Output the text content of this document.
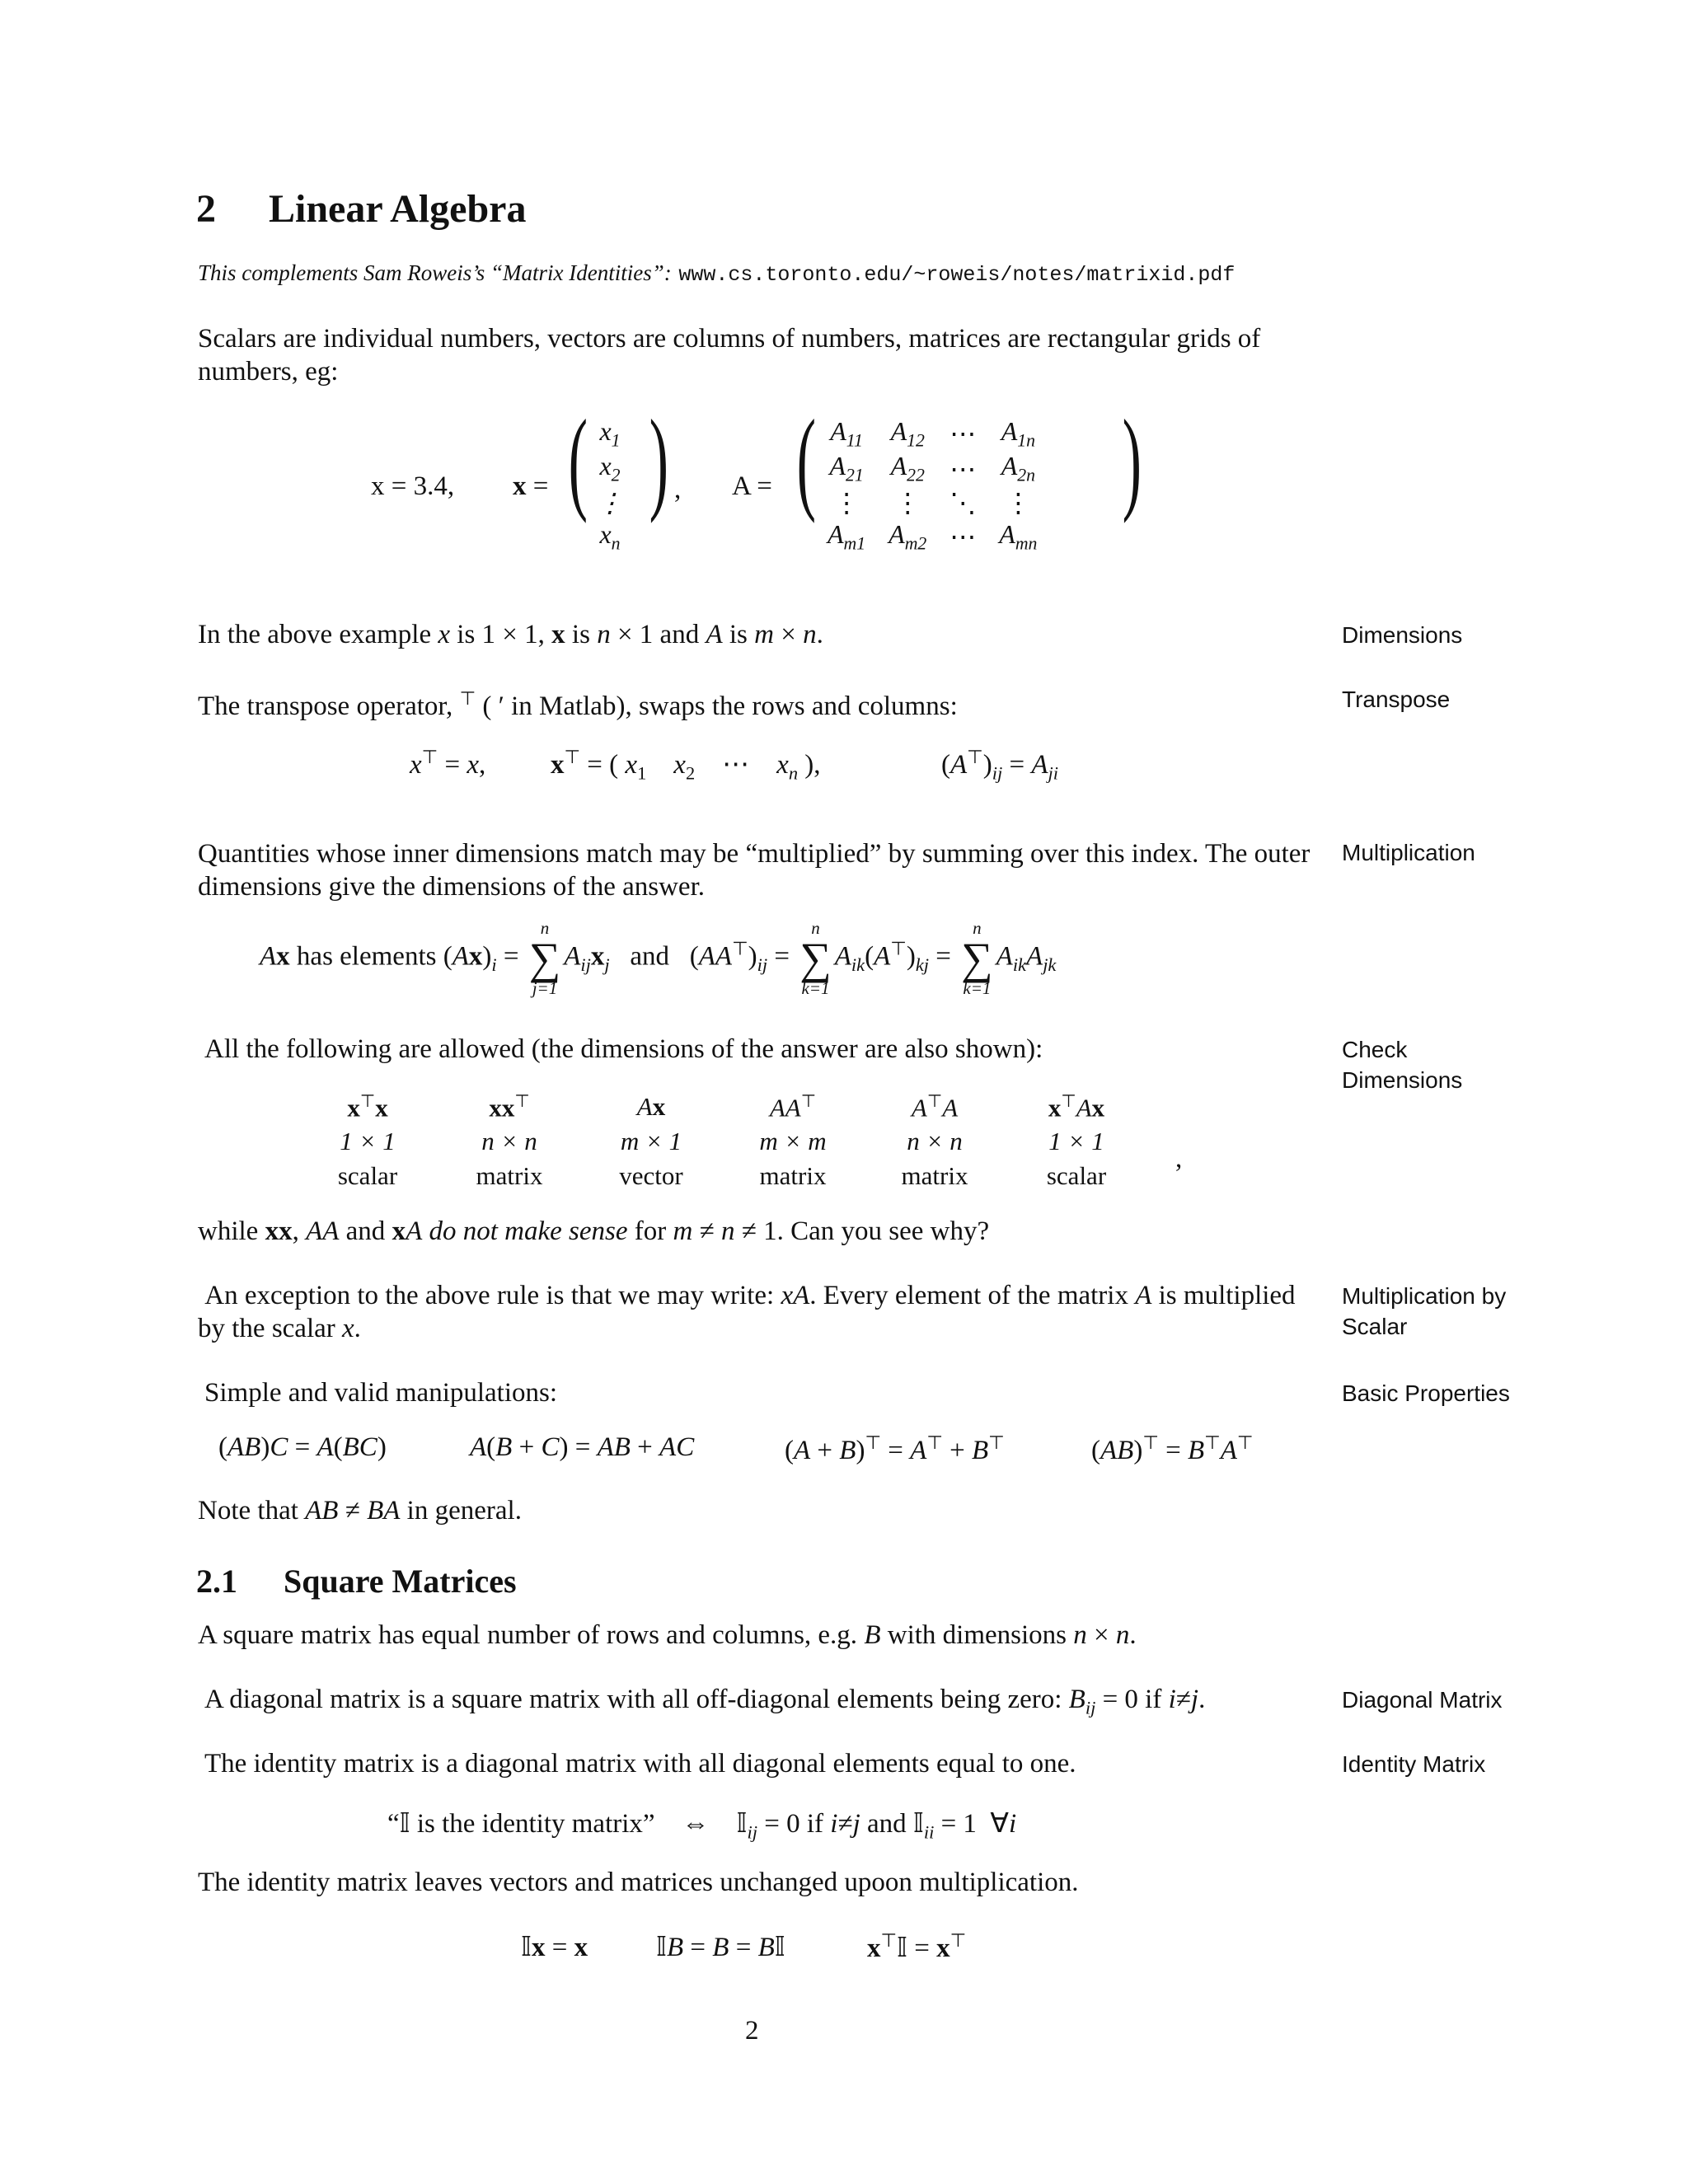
2 Linear Algebra
This complements Sam Roweis’s “Matrix Identities”: www.cs.toronto.edu/~roweis/notes/matrixid.pdf
Scalars are individual numbers, vectors are columns of numbers, matrices are rectangular grids of numbers, eg:
x = 3.4, x = ( $x_1$
$x_2$
⋮
$x_n$
) , A = ( $A_{11}$	$A_{12}$	⋯	$A_{1n}$
$A_{21}$	$A_{22}$	⋯	$A_{2n}$
⋮	⋮	⋱	⋮
$A_{m1}$	$A_{m2}$	⋯	$A_{mn}$
)
In the above example x is 1 × 1, x is n × 1 and A is m × n.
The transpose operator, ⊤ ( ′ in Matlab), swaps the rows and columns:
x⊤ = x, x⊤ = ( $x_1$ $x_2$    ⋯    $x_n$ ),	$(A^⊤)_{ij} = A_{ji}$
Quantities whose inner dimensions match may be “multiplied” by summing over this index. The outer dimensions give the dimensions of the answer.
Ax has elements $(Ax)_i$ =
n
∑
j=1
$A_{ij}x_j$ and   $(AA^⊤)_{ij}$ =
n
∑
k=1
$A_{ik}(A^⊤)_{kj}$ =
n
∑
k=1
$A_{ik}A_{jk}$
All the following are allowed (the dimensions of the answer are also shown):
x⊤x	xx⊤	Ax	AA⊤	A⊤A	x⊤Ax
1 × 1	n × n	m × 1	m × m	n × n	1 × 1
scalar	matrix	vector	matrix	matrix	scalar
,
while xx, AA and xA do not make sense for m ≠ n ≠ 1. Can you see why?
An exception to the above rule is that we may write: xA. Every element of the matrix A is multiplied by the scalar x.
Simple and valid manipulations:
(AB)C = A(BC)	A(B + C) = AB + AC	(A + B)⊤ = A⊤ + B⊤	(AB)⊤ = B⊤A⊤
Note that AB ≠ BA in general.
2.1 Square Matrices
A square matrix has equal number of rows and columns, e.g. B with dimensions n × n.
A diagonal matrix is a square matrix with all off-diagonal elements being zero: $B_{ij} = 0$ if i≠j.
The identity matrix is a diagonal matrix with all diagonal elements equal to one.
“𝕀 is the identity matrix” ⇔    𝕀$_{ij}$ = 0 if i≠j and 𝕀$_{ii}$ = 1  ∀i
The identity matrix leaves vectors and matrices unchanged upoon multiplication.
𝕀x = x	𝕀B = B = B𝕀	x⊤𝕀 = x⊤
2
Dimensions
Transpose
Multiplication
Check Dimensions
Multiplication by Scalar
Basic Properties
Diagonal Matrix
Identity Matrix
